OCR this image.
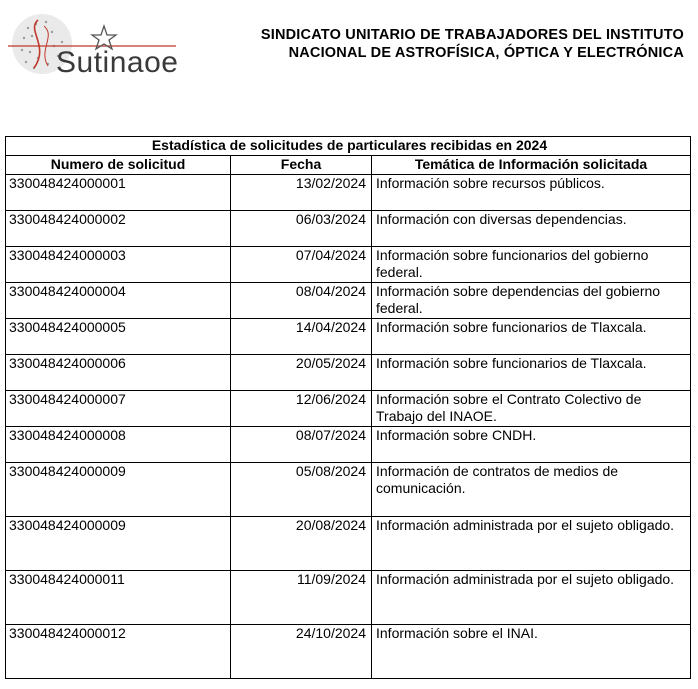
Sutinaoe
SINDICATO UNITARIO DE TRABAJADORES DEL INSTITUTO
NACIONAL DE ASTROFÍSICA, ÓPTICA Y ELECTRÓNICA
Estadística de solicitudes de particulares recibidas en 2024		
Numero de solicitud	Fecha	Temática de Información solicitada
330048424000001	13/02/2024	Información sobre recursos públicos.
330048424000002	06/03/2024	Información con diversas dependencias.
330048424000003	07/04/2024	Información sobre funcionarios del gobierno federal.
330048424000004	08/04/2024	Información sobre dependencias del gobierno federal.
330048424000005	14/04/2024	Información sobre funcionarios de Tlaxcala.
330048424000006	20/05/2024	Información sobre funcionarios de Tlaxcala.
330048424000007	12/06/2024	Información sobre el Contrato Colectivo de Trabajo del INAOE.
330048424000008	08/07/2024	Información sobre CNDH.
330048424000009	05/08/2024	Información de contratos de medios de comunicación.
330048424000009	20/08/2024	Información administrada por el sujeto obligado.
330048424000011	11/09/2024	Información administrada por el sujeto obligado.
330048424000012	24/10/2024	Información sobre el INAI.
